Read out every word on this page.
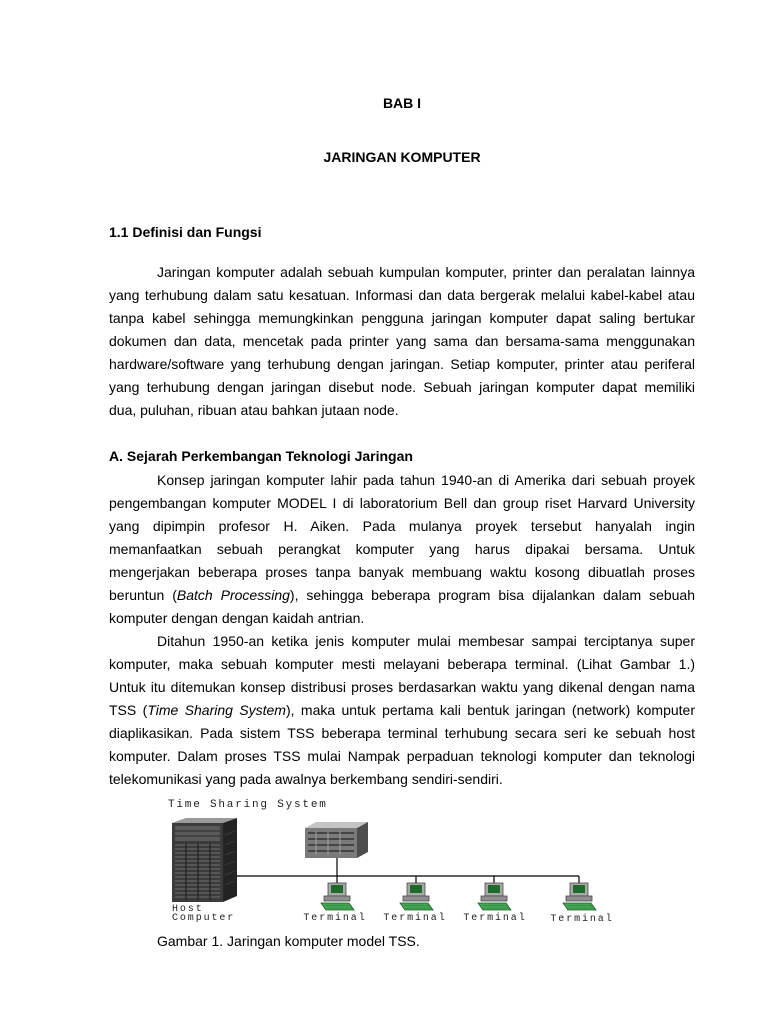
BAB I
JARINGAN KOMPUTER
1.1 Definisi dan Fungsi
Jaringan komputer adalah sebuah kumpulan komputer, printer dan peralatan lainnya
yang terhubung dalam satu kesatuan. Informasi dan data bergerak melalui kabel-kabel atau
tanpa kabel sehingga memungkinkan pengguna jaringan komputer dapat saling bertukar
dokumen dan data, mencetak pada printer yang sama dan bersama-sama menggunakan
hardware/software yang terhubung dengan jaringan. Setiap komputer, printer atau periferal
yang terhubung dengan jaringan disebut node. Sebuah jaringan komputer dapat memiliki
dua, puluhan, ribuan atau bahkan jutaan node.
A. Sejarah Perkembangan Teknologi Jaringan
Konsep jaringan komputer lahir pada tahun 1940-an di Amerika dari sebuah proyek
pengembangan komputer MODEL I di laboratorium Bell dan group riset Harvard University
yang dipimpin profesor H. Aiken. Pada mulanya proyek tersebut hanyalah ingin
memanfaatkan sebuah perangkat komputer yang harus dipakai bersama. Untuk
mengerjakan beberapa proses tanpa banyak membuang waktu kosong dibuatlah proses
beruntun (Batch Processing), sehingga beberapa program bisa dijalankan dalam sebuah
komputer dengan dengan kaidah antrian.
Ditahun 1950-an ketika jenis komputer mulai membesar sampai terciptanya super
komputer, maka sebuah komputer mesti melayani beberapa terminal. (Lihat Gambar 1.)
Untuk itu ditemukan konsep distribusi proses berdasarkan waktu yang dikenal dengan nama
TSS (Time Sharing System), maka untuk pertama kali bentuk jaringan (network) komputer
diaplikasikan. Pada sistem TSS beberapa terminal terhubung secara seri ke sebuah host
komputer. Dalam proses TSS mulai Nampak perpaduan teknologi komputer dan teknologi
telekomunikasi yang pada awalnya berkembang sendiri-sendiri.
Time Sharing System
Host
Computer	Terminal Terminal Terminal Terminal
Gambar 1. Jaringan komputer model TSS.
